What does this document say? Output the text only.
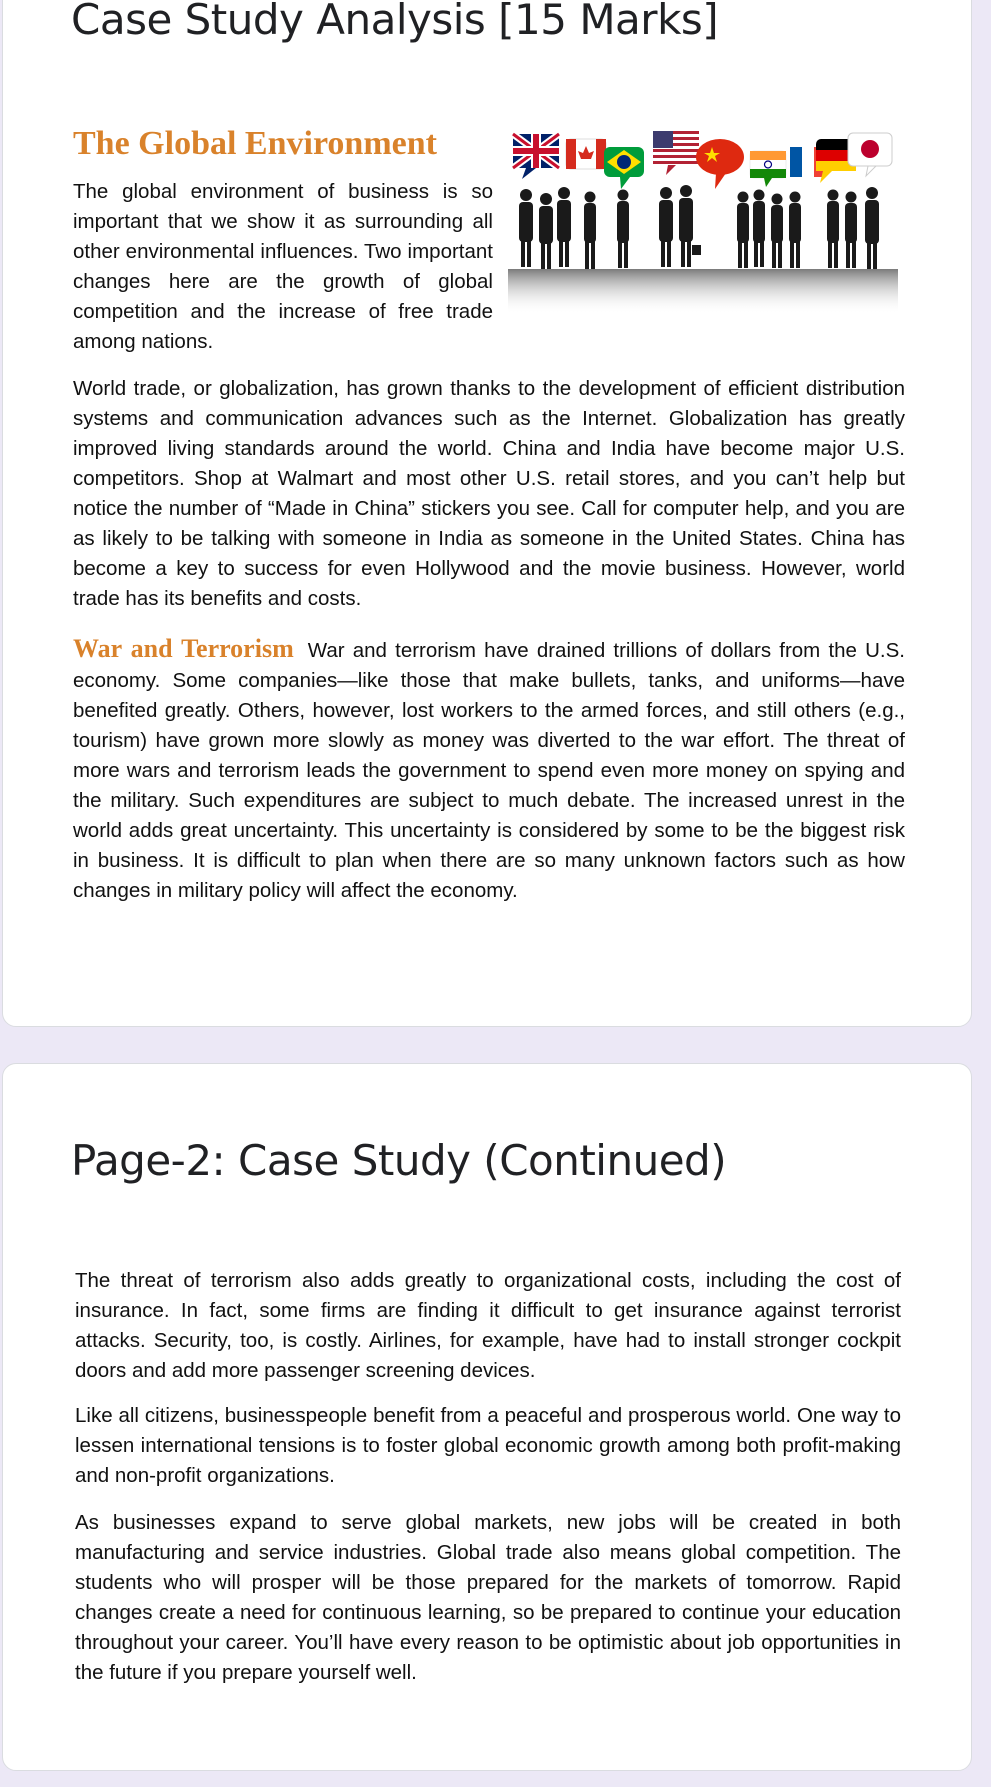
Case Study Analysis [15 Marks]
The Global Environment

The global environment of business is so important that we show it as surrounding all other environmental influences. Two important changes here are the growth of global competition and the increase of free trade among nations.

World trade, or globalization, has grown thanks to the development of efficient distribution systems and communication advances such as the Internet. Globalization has greatly improved living standards around the world. China and India have become major U.S. competitors. Shop at Walmart and most other U.S. retail stores, and you can’t help but notice the number of “Made in China” stickers you see. Call for computer help, and you are as likely to be talking with someone in India as someone in the United States. China has become a key to success for even Hollywood and the movie business. However, world trade has its benefits and costs.

War and Terrorism War and terrorism have drained trillions of dollars from the U.S. economy. Some companies—like those that make bullets, tanks, and uniforms—have benefited greatly. Others, however, lost workers to the armed forces, and still others (e.g., tourism) have grown more slowly as money was diverted to the war effort. The threat of more wars and terrorism leads the government to spend even more money on spying and the military. Such expenditures are subject to much debate. The increased unrest in the world adds great uncertainty. This uncertainty is considered by some to be the biggest risk in business. It is difficult to plan when there are so many unknown factors such as how changes in military policy will affect the economy.

Page-2: Case Study (Continued)

The threat of terrorism also adds greatly to organizational costs, including the cost of insurance. In fact, some firms are finding it difficult to get insurance against terrorist attacks. Security, too, is costly. Airlines, for example, have had to install stronger cockpit doors and add more passenger screening devices.

Like all citizens, businesspeople benefit from a peaceful and prosperous world. One way to lessen international tensions is to foster global economic growth among both profit-making and non-profit organizations.

As businesses expand to serve global markets, new jobs will be created in both manufacturing and service industries. Global trade also means global competition. The students who will prosper will be those prepared for the markets of tomorrow. Rapid changes create a need for continuous learning, so be prepared to continue your education throughout your career. You’ll have every reason to be optimistic about job opportunities in the future if you prepare yourself well.
